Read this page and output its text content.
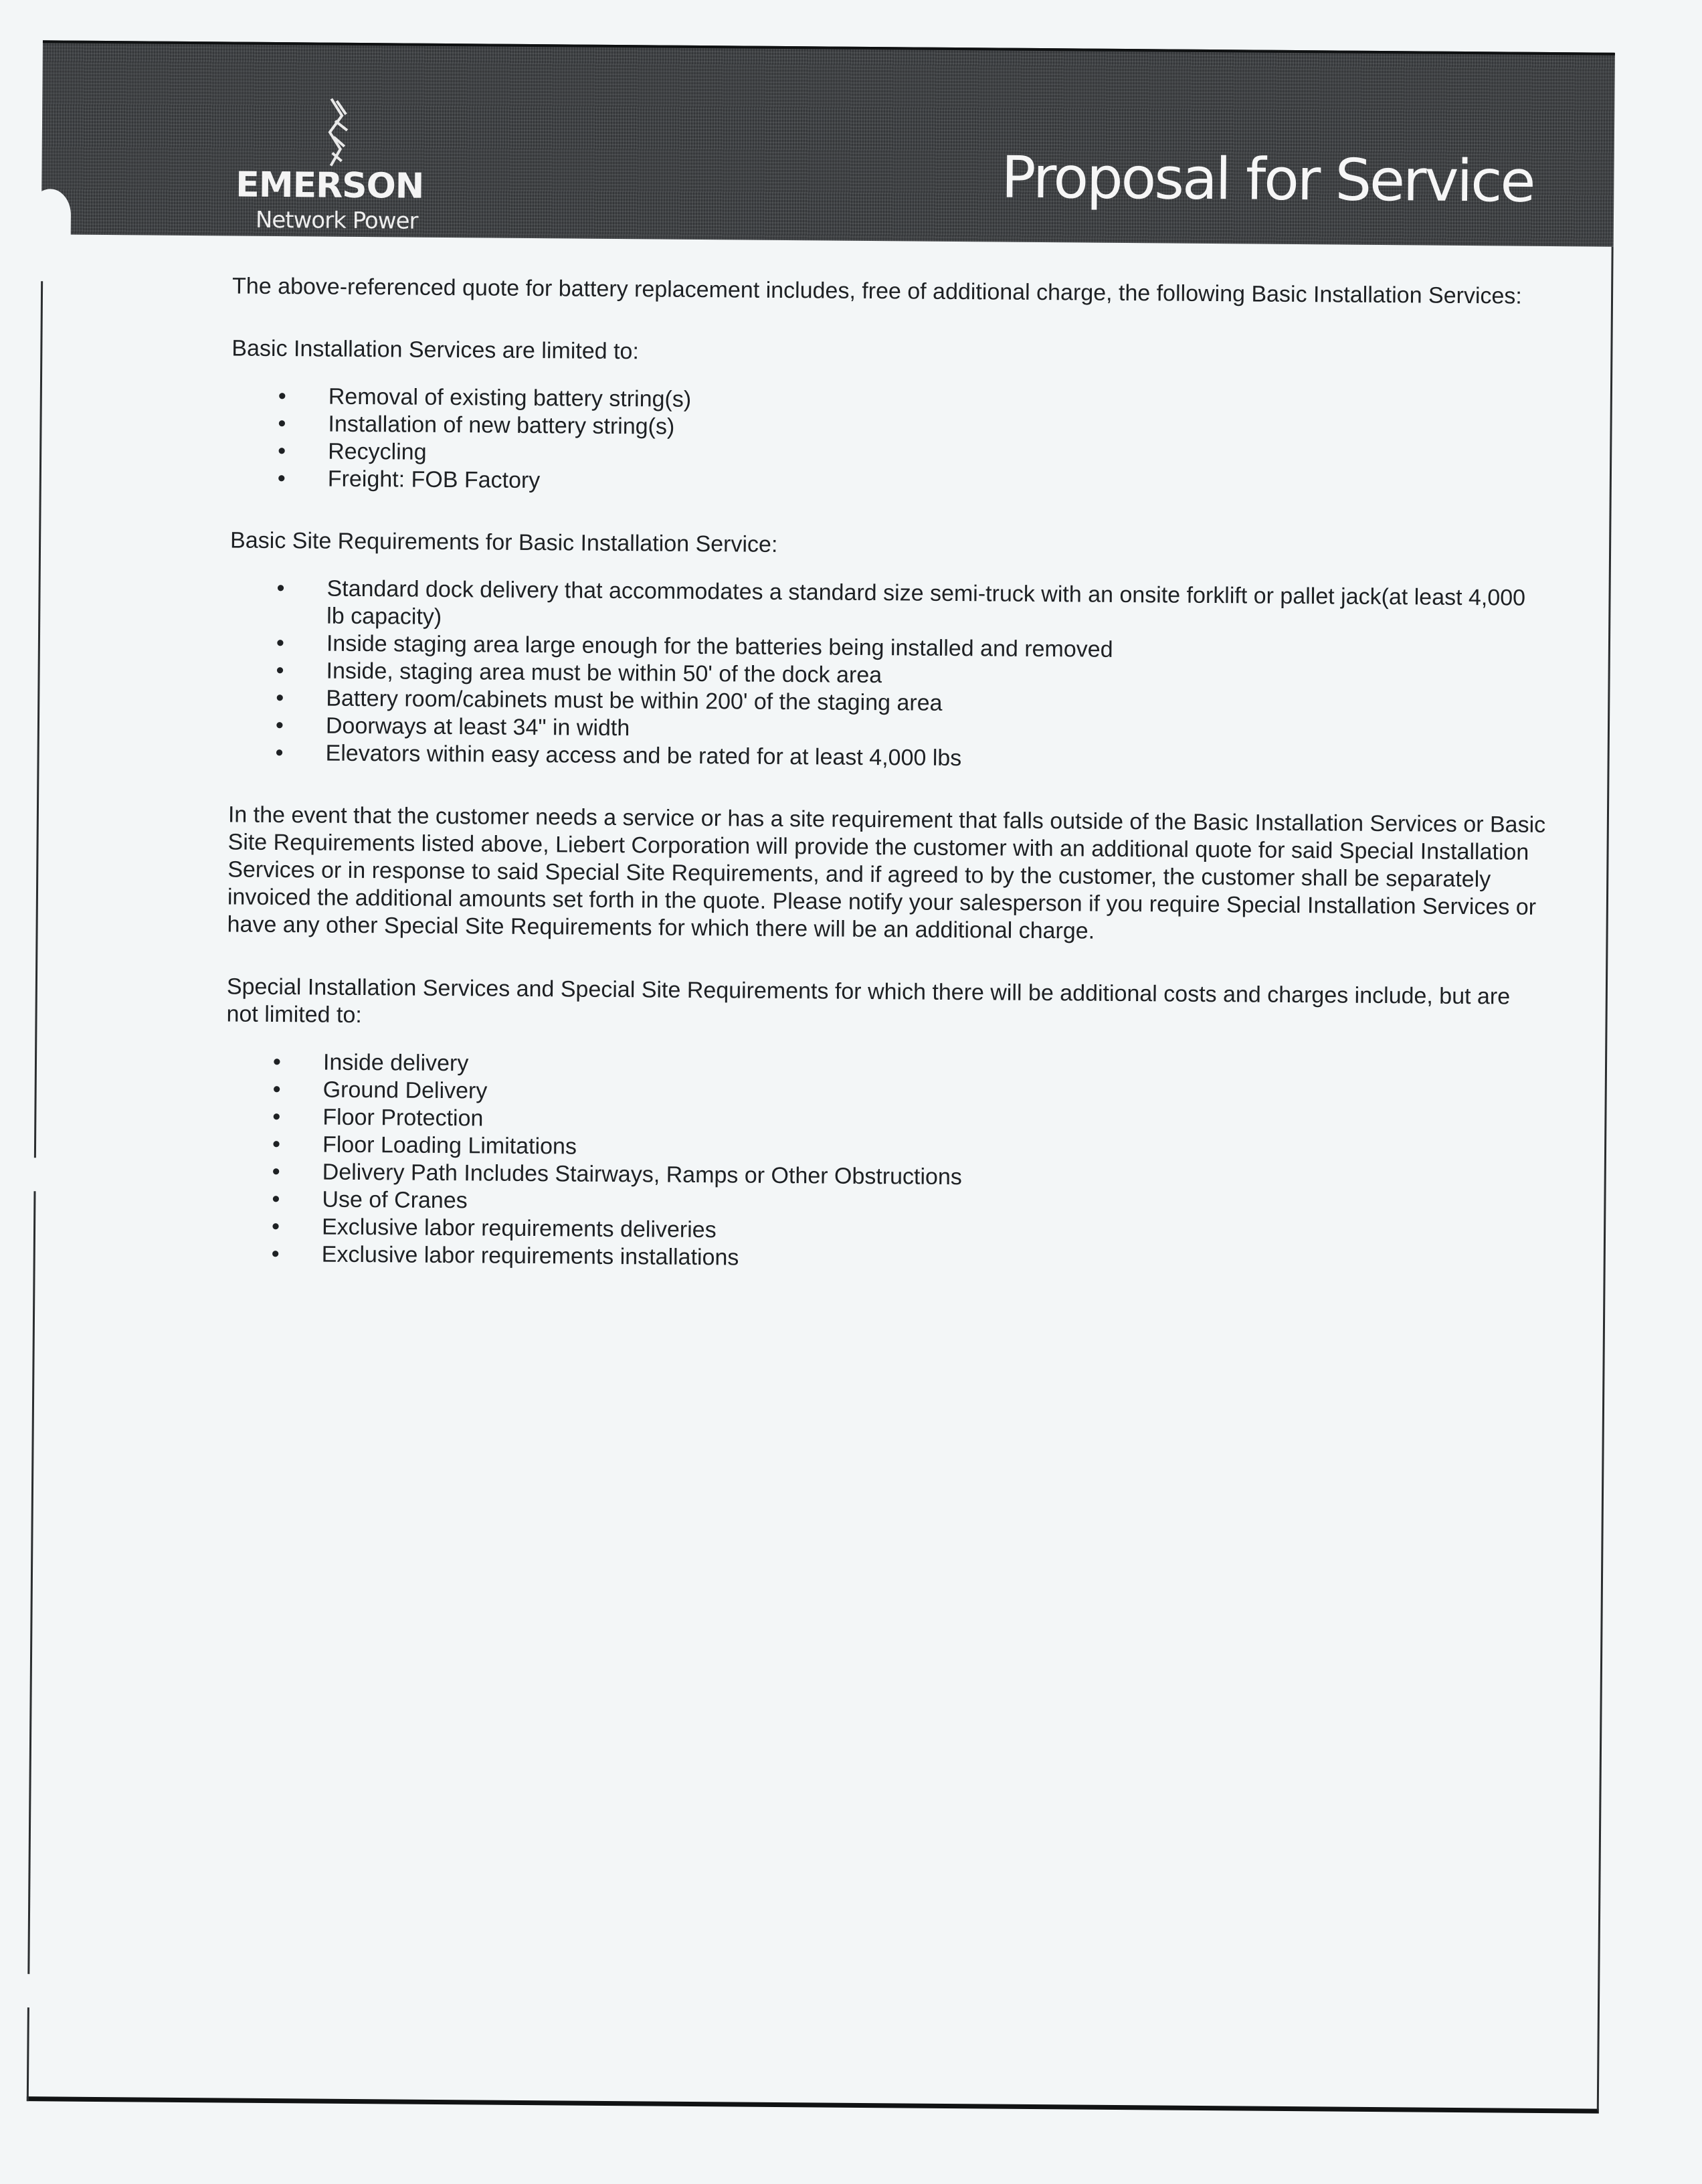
EMERSON
Network Power
Proposal for Service

The above-referenced quote for battery replacement includes, free of additional charge, the following Basic Installation Services:

Basic Installation Services are limited to:

• Removal of existing battery string(s)
• Installation of new battery string(s)
• Recycling
• Freight: FOB Factory

Basic Site Requirements for Basic Installation Service:

• Standard dock delivery that accommodates a standard size semi-truck with an onsite forklift or pallet jack(at least 4,000 lb capacity)
• Inside staging area large enough for the batteries being installed and removed
• Inside, staging area must be within 50' of the dock area
• Battery room/cabinets must be within 200' of the staging area
• Doorways at least 34" in width
• Elevators within easy access and be rated for at least 4,000 lbs

In the event that the customer needs a service or has a site requirement that falls outside of the Basic Installation Services or Basic Site Requirements listed above, Liebert Corporation will provide the customer with an additional quote for said Special Installation Services or in response to said Special Site Requirements, and if agreed to by the customer, the customer shall be separately invoiced the additional amounts set forth in the quote. Please notify your salesperson if you require Special Installation Services or have any other Special Site Requirements for which there will be an additional charge.

Special Installation Services and Special Site Requirements for which there will be additional costs and charges include, but are not limited to:

• Inside delivery
• Ground Delivery
• Floor Protection
• Floor Loading Limitations
• Delivery Path Includes Stairways, Ramps or Other Obstructions
• Use of Cranes
• Exclusive labor requirements deliveries
• Exclusive labor requirements installations
